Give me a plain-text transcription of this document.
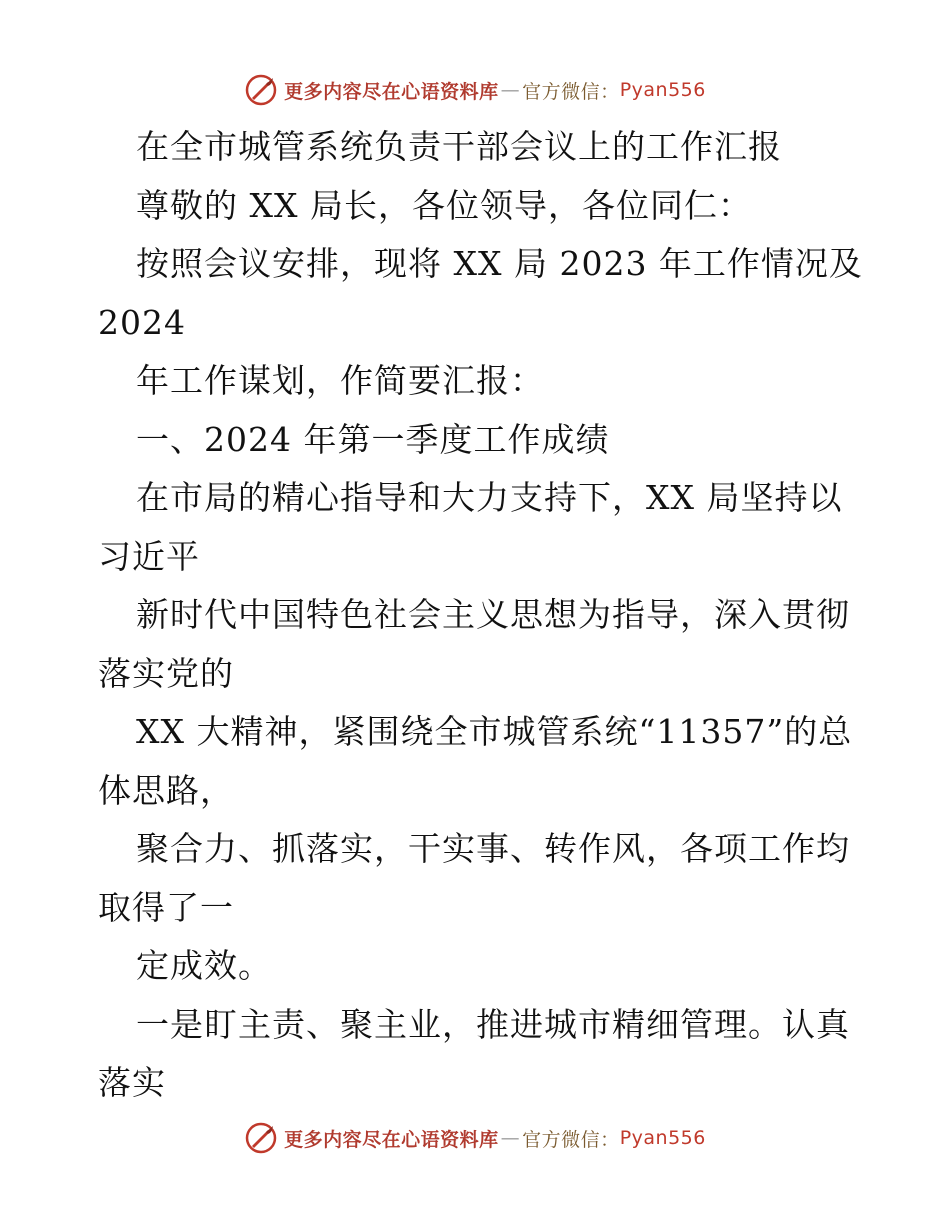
更多内容尽在心语资料库 — 官方微信： Pyan556
在全市城管系统负责干部会议上的工作汇报
尊敬的 XX 局长，各位领导，各位同仁：
按照会议安排，现将 XX 局 2023 年工作情况及
2024
年工作谋划，作简要汇报：
一、2024 年第一季度工作成绩
在市局的精心指导和大力支持下，XX 局坚持以
习近平
新时代中国特色社会主义思想为指导，深入贯彻
落实党的
XX 大精神，紧围绕全市城管系统“11357”的总
体思路，
聚合力、抓落实，干实事、转作风，各项工作均
取得了一
定成效。
一是盯主责、聚主业，推进城市精细管理。认真
落实
更多内容尽在心语资料库 — 官方微信： Pyan556
